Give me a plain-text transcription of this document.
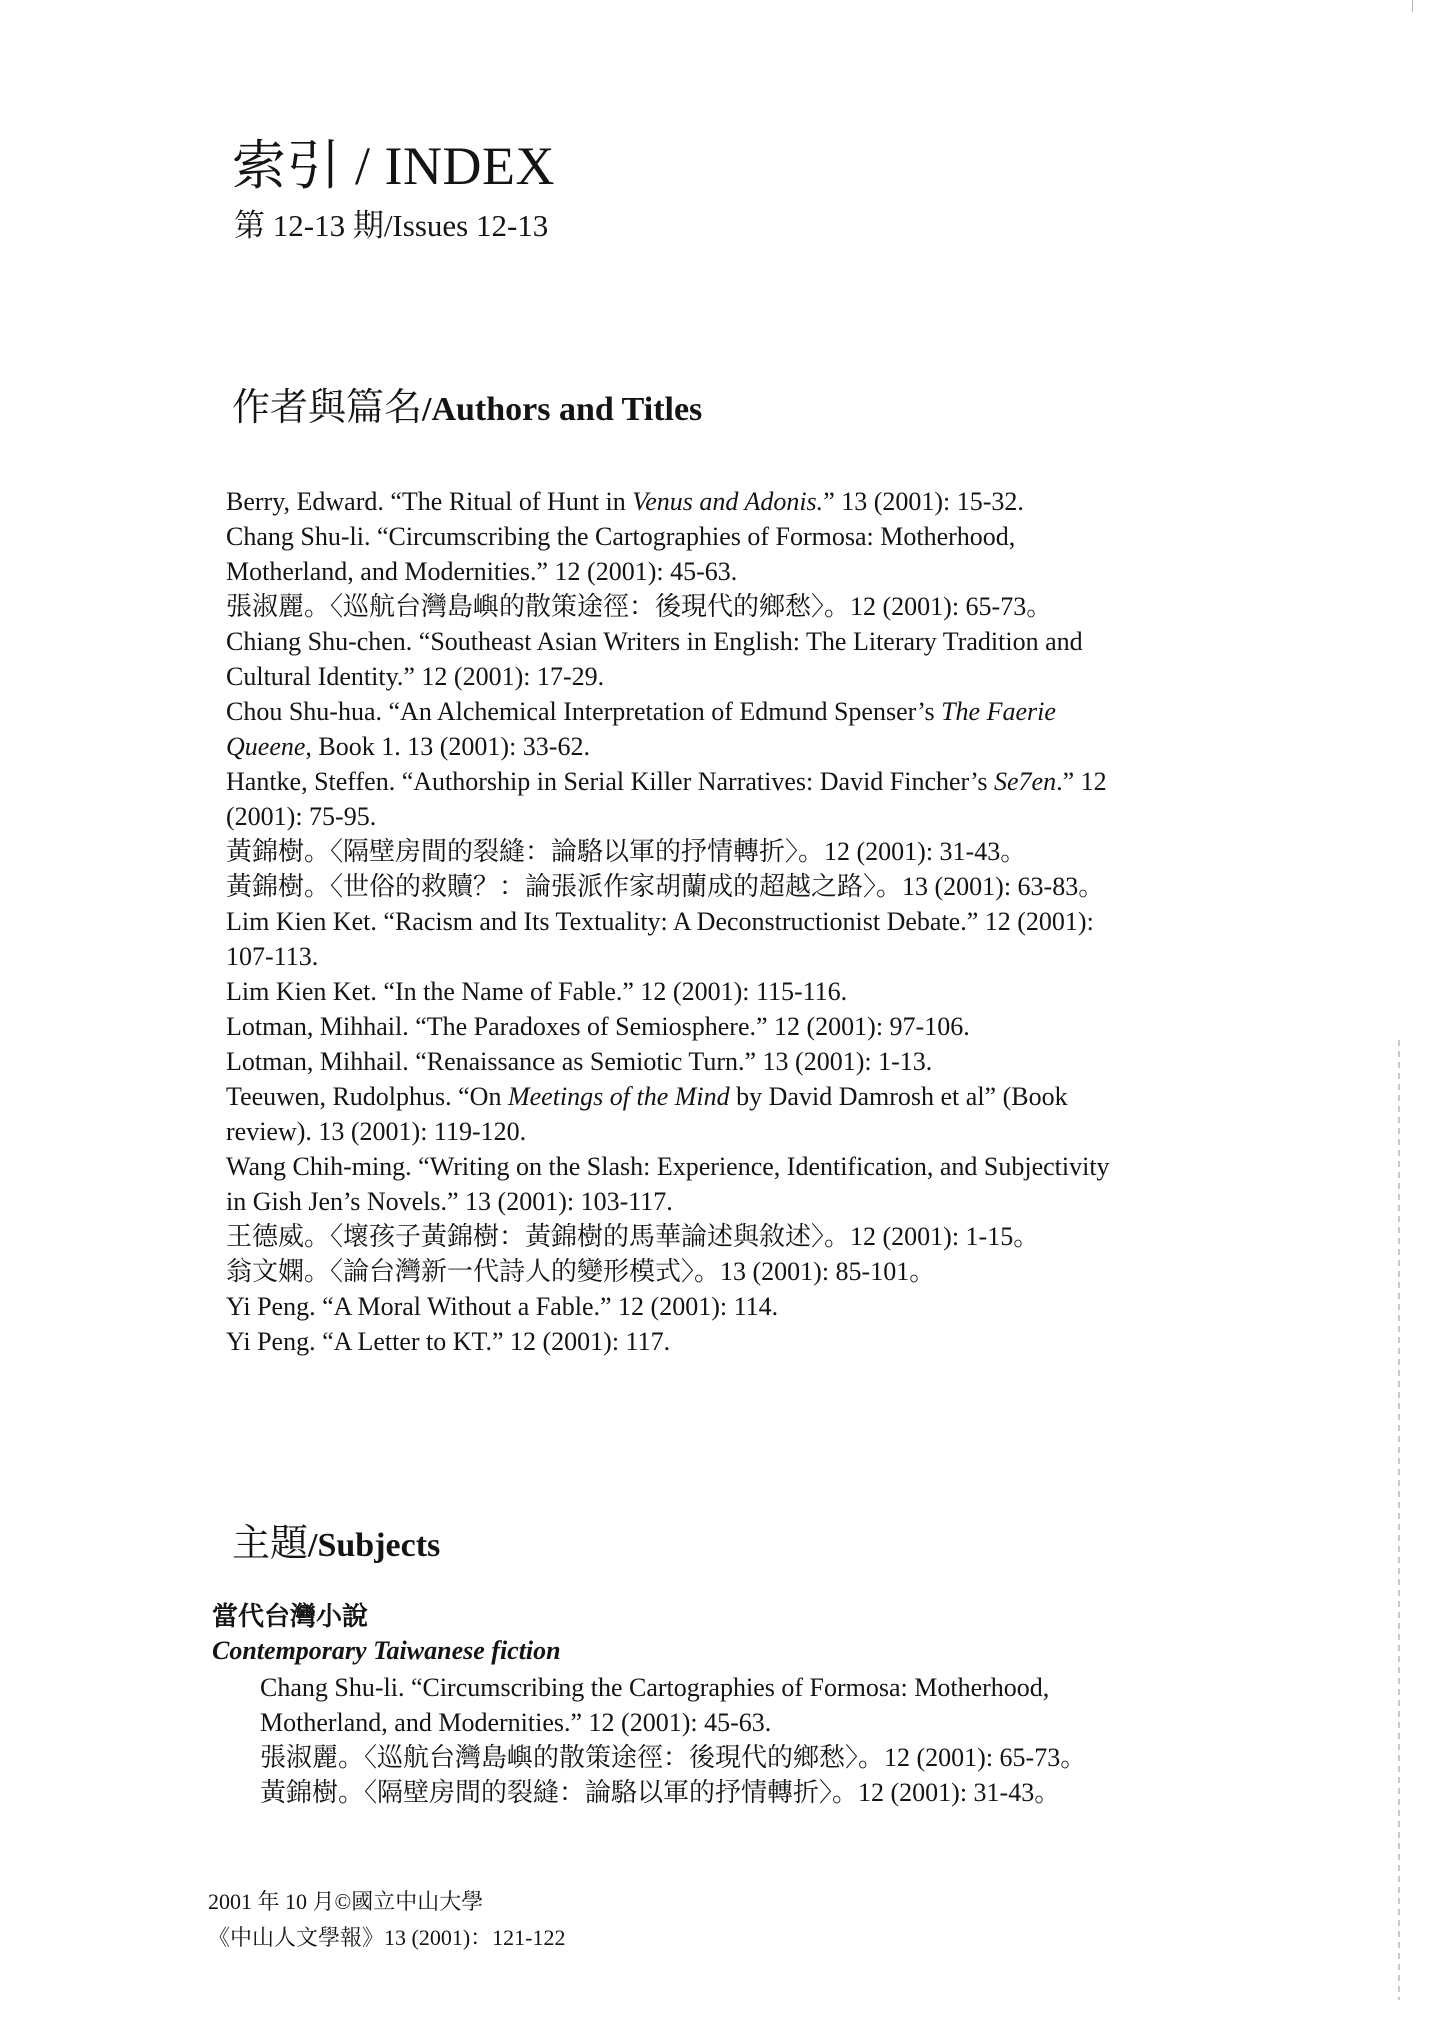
索引 / INDEX
第 12-13 期/Issues 12-13
作者與篇名/Authors and Titles
Berry, Edward. “The Ritual of Hunt in Venus and Adonis.” 13 (2001): 15-32.
Chang Shu-li. “Circumscribing the Cartographies of Formosa: Motherhood,
Motherland, and Modernities.” 12 (2001): 45-63.
張淑麗。〈巡航台灣島嶼的散策途徑：後現代的鄉愁〉。12 (2001): 65-73。
Chiang Shu-chen. “Southeast Asian Writers in English: The Literary Tradition and
Cultural Identity.” 12 (2001): 17-29.
Chou Shu-hua. “An Alchemical Interpretation of Edmund Spenser’s The Faerie
Queene, Book 1. 13 (2001): 33-62.
Hantke, Steffen. “Authorship in Serial Killer Narratives: David Fincher’s Se7en.” 12
(2001): 75-95.
黃錦樹。〈隔壁房間的裂縫：論駱以軍的抒情轉折〉。12 (2001): 31-43。
黃錦樹。〈世俗的救贖？：論張派作家胡蘭成的超越之路〉。13 (2001): 63-83。
Lim Kien Ket. “Racism and Its Textuality: A Deconstructionist Debate.” 12 (2001):
107-113.
Lim Kien Ket. “In the Name of Fable.” 12 (2001): 115-116.
Lotman, Mihhail. “The Paradoxes of Semiosphere.” 12 (2001): 97-106.
Lotman, Mihhail. “Renaissance as Semiotic Turn.” 13 (2001): 1-13.
Teeuwen, Rudolphus. “On Meetings of the Mind by David Damrosh et al” (Book
review). 13 (2001): 119-120.
Wang Chih-ming. “Writing on the Slash: Experience, Identification, and Subjectivity
in Gish Jen’s Novels.” 13 (2001): 103-117.
王德威。〈壞孩子黃錦樹：黃錦樹的馬華論述與敘述〉。12 (2001): 1-15。
翁文嫻。〈論台灣新一代詩人的變形模式〉。13 (2001): 85-101。
Yi Peng. “A Moral Without a Fable.” 12 (2001): 114.
Yi Peng. “A Letter to KT.” 12 (2001): 117.
主題/Subjects
當代台灣小說
Contemporary Taiwanese fiction
Chang Shu-li. “Circumscribing the Cartographies of Formosa: Motherhood,
Motherland, and Modernities.” 12 (2001): 45-63.
張淑麗。〈巡航台灣島嶼的散策途徑：後現代的鄉愁〉。12 (2001): 65-73。
黃錦樹。〈隔壁房間的裂縫：論駱以軍的抒情轉折〉。12 (2001): 31-43。
2001 年 10 月©國立中山大學
《中山人文學報》13 (2001)：121-122
